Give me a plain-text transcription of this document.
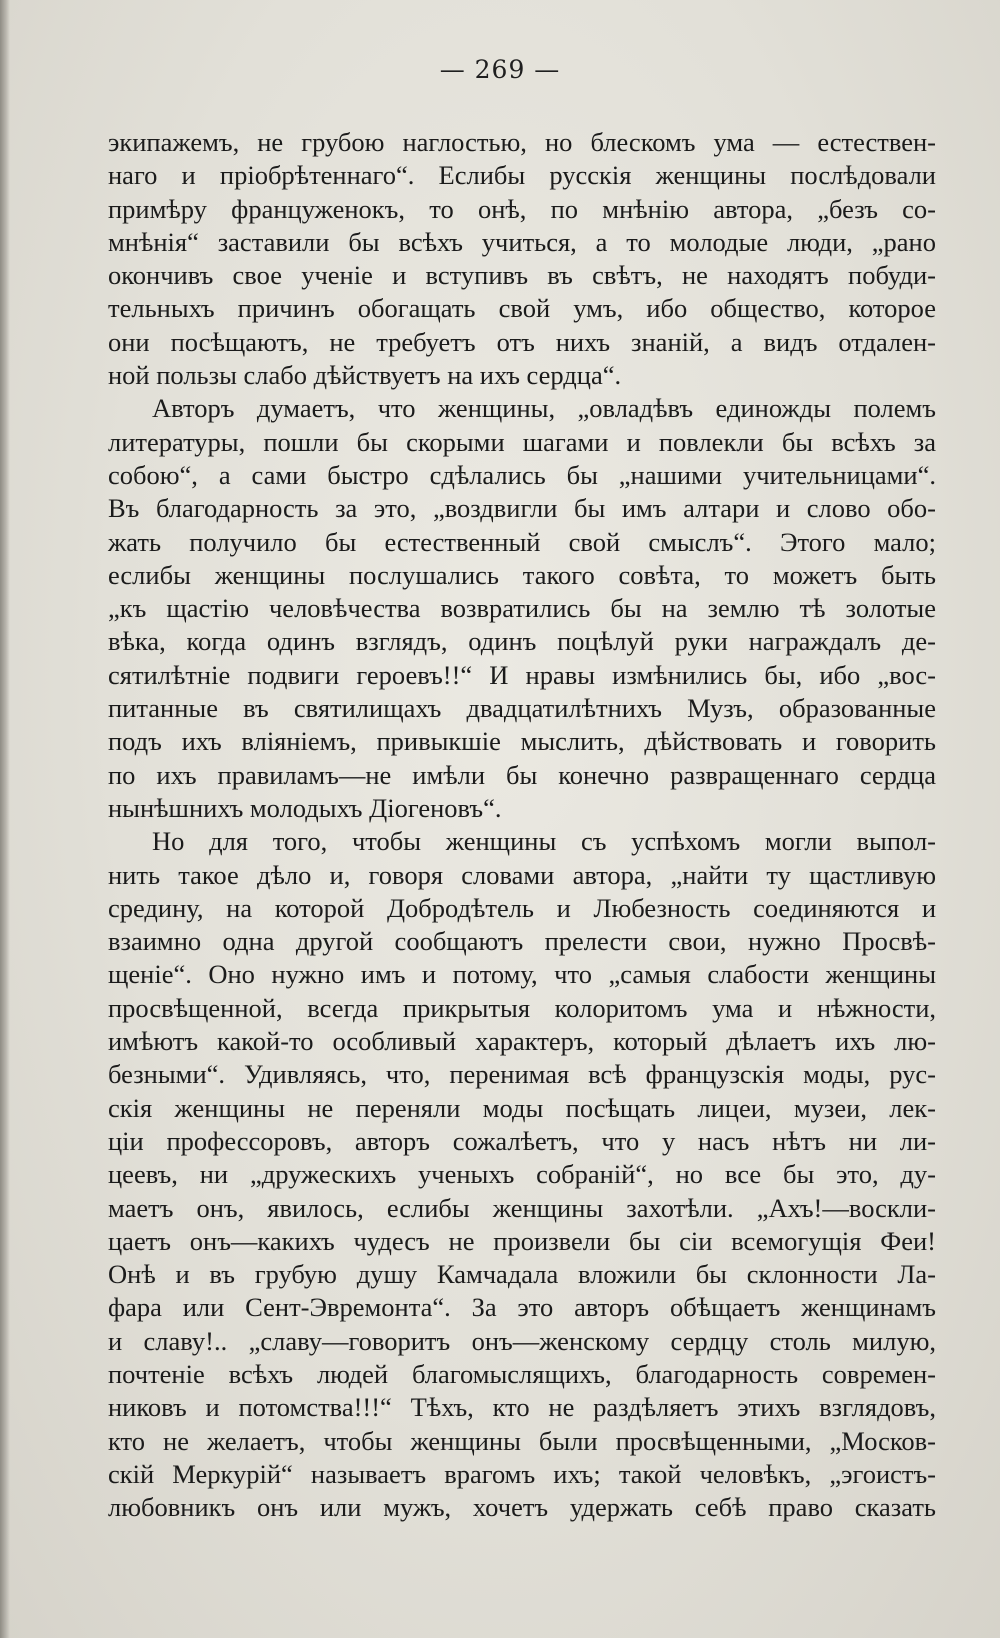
— 269 —
экипажемъ, не грубою наглостью, но блескомъ ума — естествен-
наго и пріобрѣтеннаго“. Еслибы русскія женщины послѣдовали
примѣру француженокъ, то онѣ, по мнѣнію автора, „безъ со-
мнѣнія“ заставили бы всѣхъ учиться, а то молодые люди, „рано
окончивъ свое ученіе и вступивъ въ свѣтъ, не находятъ побуди-
тельныхъ причинъ обогащать свой умъ, ибо общество, которое
они посѣщаютъ, не требуетъ отъ нихъ знаній, а видъ отдален-
ной пользы слабо дѣйствуетъ на ихъ сердца“.
Авторъ думаетъ, что женщины, „овладѣвъ единожды полемъ
литературы, пошли бы скорыми шагами и повлекли бы всѣхъ за
собою“, а сами быстро сдѣлались бы „нашими учительницами“.
Въ благодарность за это, „воздвигли бы имъ алтари и слово обо-
жать получило бы естественный свой смыслъ“. Этого мало;
еслибы женщины послушались такого совѣта, то можетъ быть
„къ щастію человѣчества возвратились бы на землю тѣ золотые
вѣка, когда одинъ взглядъ, одинъ поцѣлуй руки награждалъ де-
сятилѣтніе подвиги героевъ!!“ И нравы измѣнились бы, ибо „вос-
питанные въ святилищахъ двадцатилѣтнихъ Музъ, образованные
подъ ихъ вліяніемъ, привыкшіе мыслить, дѣйствовать и говорить
по ихъ правиламъ—не имѣли бы конечно развращеннаго сердца
нынѣшнихъ молодыхъ Діогеновъ“.
Но для того, чтобы женщины съ успѣхомъ могли выпол-
нить такое дѣло и, говоря словами автора, „найти ту щастливую
средину, на которой Добродѣтель и Любезность соединяются и
взаимно одна другой сообщаютъ прелести свои, нужно Просвѣ-
щеніе“. Оно нужно имъ и потому, что „самыя слабости женщины
просвѣщенной, всегда прикрытыя колоритомъ ума и нѣжности,
имѣютъ какой-то особливый характеръ, который дѣлаетъ ихъ лю-
безными“. Удивляясь, что, перенимая всѣ французскія моды, рус-
скія женщины не переняли моды посѣщать лицеи, музеи, лек-
ціи профессоровъ, авторъ сожалѣетъ, что у насъ нѣтъ ни ли-
цеевъ, ни „дружескихъ ученыхъ собраній“, но все бы это, ду-
маетъ онъ, явилось, еслибы женщины захотѣли. „Ахъ!—воскли-
цаетъ онъ—какихъ чудесъ не произвели бы сіи всемогущія Феи!
Онѣ и въ грубую душу Камчадала вложили бы склонности Ла-
фара или Сент-Эвремонта“. За это авторъ обѣщаетъ женщинамъ
и славу!.. „славу—говоритъ онъ—женскому сердцу столь милую,
почтеніе всѣхъ людей благомыслящихъ, благодарность современ-
никовъ и потомства!!!“ Тѣхъ, кто не раздѣляетъ этихъ взглядовъ,
кто не желаетъ, чтобы женщины были просвѣщенными, „Москов-
скій Меркурій“ называетъ врагомъ ихъ; такой человѣкъ, „эгоистъ-
любовникъ онъ или мужъ, хочетъ удержать себѣ право сказать
